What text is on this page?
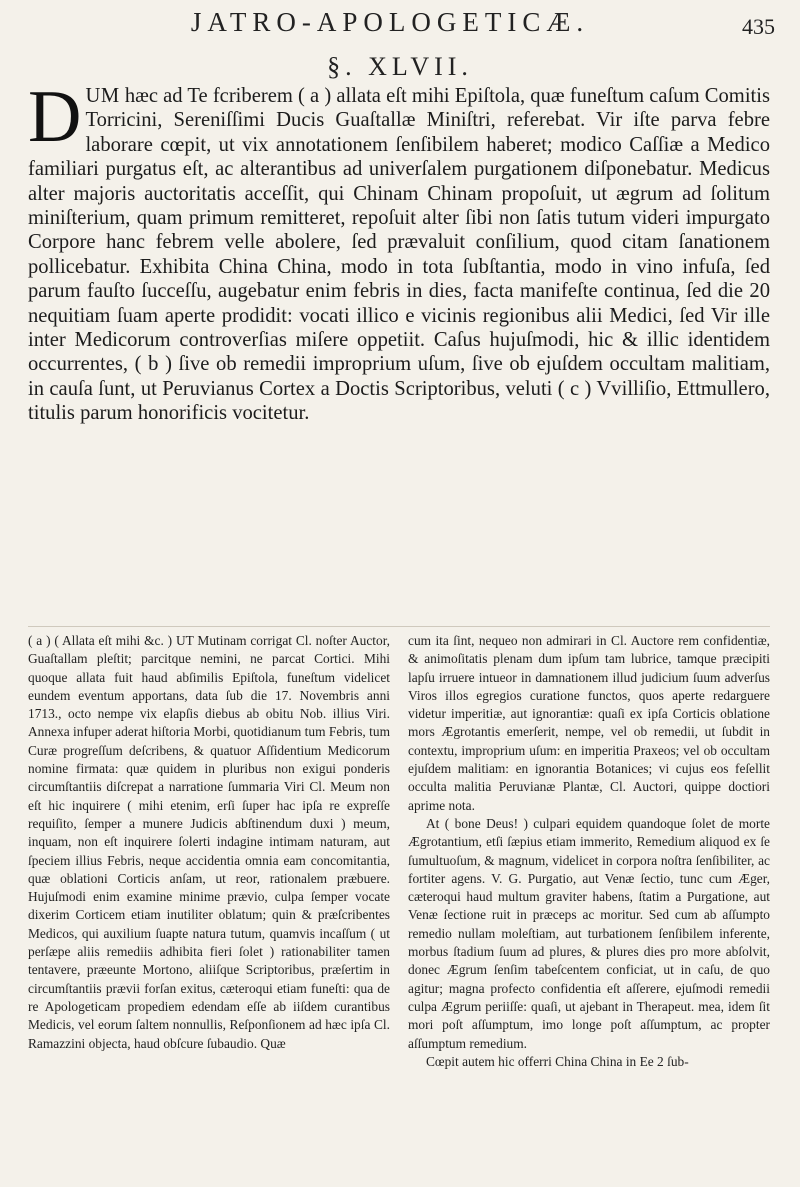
JATRO-APOLOGETICÆ.	435
§. XLVII.
DUM hæc ad Te fcriberem ( a ) allata eſt mihi Epiſtola, quæ funeſtum caſum Comitis Torricini, Sereniſſimi Ducis Guaſtallæ Miniſtri, referebat. Vir iſte parva febre laborare cœpit, ut vix annotationem ſenſibilem haberet; modico Caſſiæ a Medico familiari purgatus eſt, ac alterantibus ad univerſalem purgationem diſponebatur. Medicus alter majoris auctoritatis acceſſit, qui Chinam Chinam propoſuit, ut ægrum ad ſolitum miniſterium, quam primum remitteret, repoſuit alter ſibi non ſatis tutum videri impurgato Corpore hanc febrem velle abolere, ſed prævaluit conſilium, quod citam ſanationem pollicebatur. Exhibita China China, modo in tota ſubſtantia, modo in vino infuſa, ſed parum fauſto ſucceſſu, augebatur enim febris in dies, facta manifeſte continua, ſed die 20 nequitiam ſuam aperte prodidit: vocati illico e vicinis regionibus alii Medici, ſed Vir ille inter Medicorum controverſias miſere oppetiit. Caſus hujuſmodi, hic & illic identidem occurrentes, ( b ) ſive ob remedii improprium uſum, ſive ob ejuſdem occultam malitiam, in cauſa ſunt, ut Peruvianus Cortex a Doctis Scriptoribus, veluti ( c ) Vvilliſio, Ettmullero, titulis parum honorificis vocitetur.

( a ) ( Allata eſt mihi &c. ) UT Mutinam corrigat Cl. noſter Auctor, Guaſtallam pleſtit; parcitque nemini, ne parcat Cortici. Mihi quoque allata fuit haud abſimilis Epiſtola, funeſtum videlicet eundem eventum apportans, data ſub die 17. Novembris anni 1713., octo nempe vix elapſis diebus ab obitu Nob. illius Viri. Annexa infuper aderat hiſtoria Morbi, quotidianum tum Febris, tum Curæ progreſſum deſcribens, & quatuor Aſſidentium Medicorum nomine firmata: quæ quidem in pluribus non exigui ponderis circumſtantiis diſcrepat a narratione ſummaria Viri Cl. Meum non eſt hic inquirere ( mihi etenim, erſi ſuper hac ipſa re expreſſe requiſito, ſemper a munere Judicis abſtinendum duxi ) meum, inquam, non eſt inquirere ſolerti indagine intimam naturam, aut ſpeciem illius Febris, neque accidentia omnia eam concomitantia, quæ oblationi Corticis anſam, ut reor, rationalem præbuere. Hujuſmodi enim examine minime prævio, culpa ſemper vocate dixerim Corticem etiam inutiliter oblatum; quin & præſcribentes Medicos, qui auxilium ſuapte natura tutum, quamvis incaſſum ( ut perſæpe aliis remediis adhibita fieri ſolet ) rationabiliter tamen tentavere, præeunte Mortono, aliiſque Scriptoribus, præſertim in circumſtantiis prævii forſan exitus, cæteroqui etiam funeſti: qua de re Apologeticam propediem edendam eſſe ab iiſdem curantibus Medicis, vel eorum ſaltem nonnullis, Reſponſionem ad hæc ipſa Cl. Ramazzini objecta, haud obſcure ſubaudio. Quæ

cum ita ſint, nequeo non admirari in Cl. Auctore rem confidentiæ, & animoſitatis plenam dum ipſum tam lubrice, tamque præcipiti lapſu irruere intueor in damnationem illud judicium ſuum adverſus Viros illos egregios curatione functos, quos aperte redarguere videtur imperitiæ, aut ignorantiæ: quaſi ex ipſa Corticis oblatione mors Ægrotantis emerſerit, nempe, vel ob remedii, ut ſubdit in contextu, improprium uſum: en imperitia Praxeos; vel ob occultam ejuſdem malitiam: en ignorantia Botanices; vi cujus eos feſellit occulta malitia Peruvianæ Plantæ, Cl. Auctori, quippe doctiori aprime nota.

At ( bone Deus! ) culpari equidem quandoque ſolet de morte Ægrotantium, etſi ſæpius etiam immerito, Remedium aliquod ex ſe ſumultuoſum, & magnum, videlicet in corpora noſtra ſenſibiliter, ac fortiter agens. V. G. Purgatio, aut Venæ ſectio, tunc cum Æger, cæteroqui haud multum graviter habens, ſtatim a Purgatione, aut Venæ ſectione ruit in præceps ac moritur. Sed cum ab aſſumpto remedio nullam moleſtiam, aut turbationem ſenſibilem inferente, morbus ſtadium ſuum ad plures, & plures dies pro more abſolvit, donec Ægrum ſenſim tabeſcentem conficiat, ut in caſu, de quo agitur; magna profecto confidentia eſt aſſerere, ejuſmodi remedii culpa Ægrum periiſſe: quaſi, ut ajebant in Therapeut. mea, idem ſit mori poſt aſſumptum, imo longe poſt aſſumptum, ac propter aſſumptum remedium.

Cœpit autem hic offerri China China in Ee 2 ſub-
